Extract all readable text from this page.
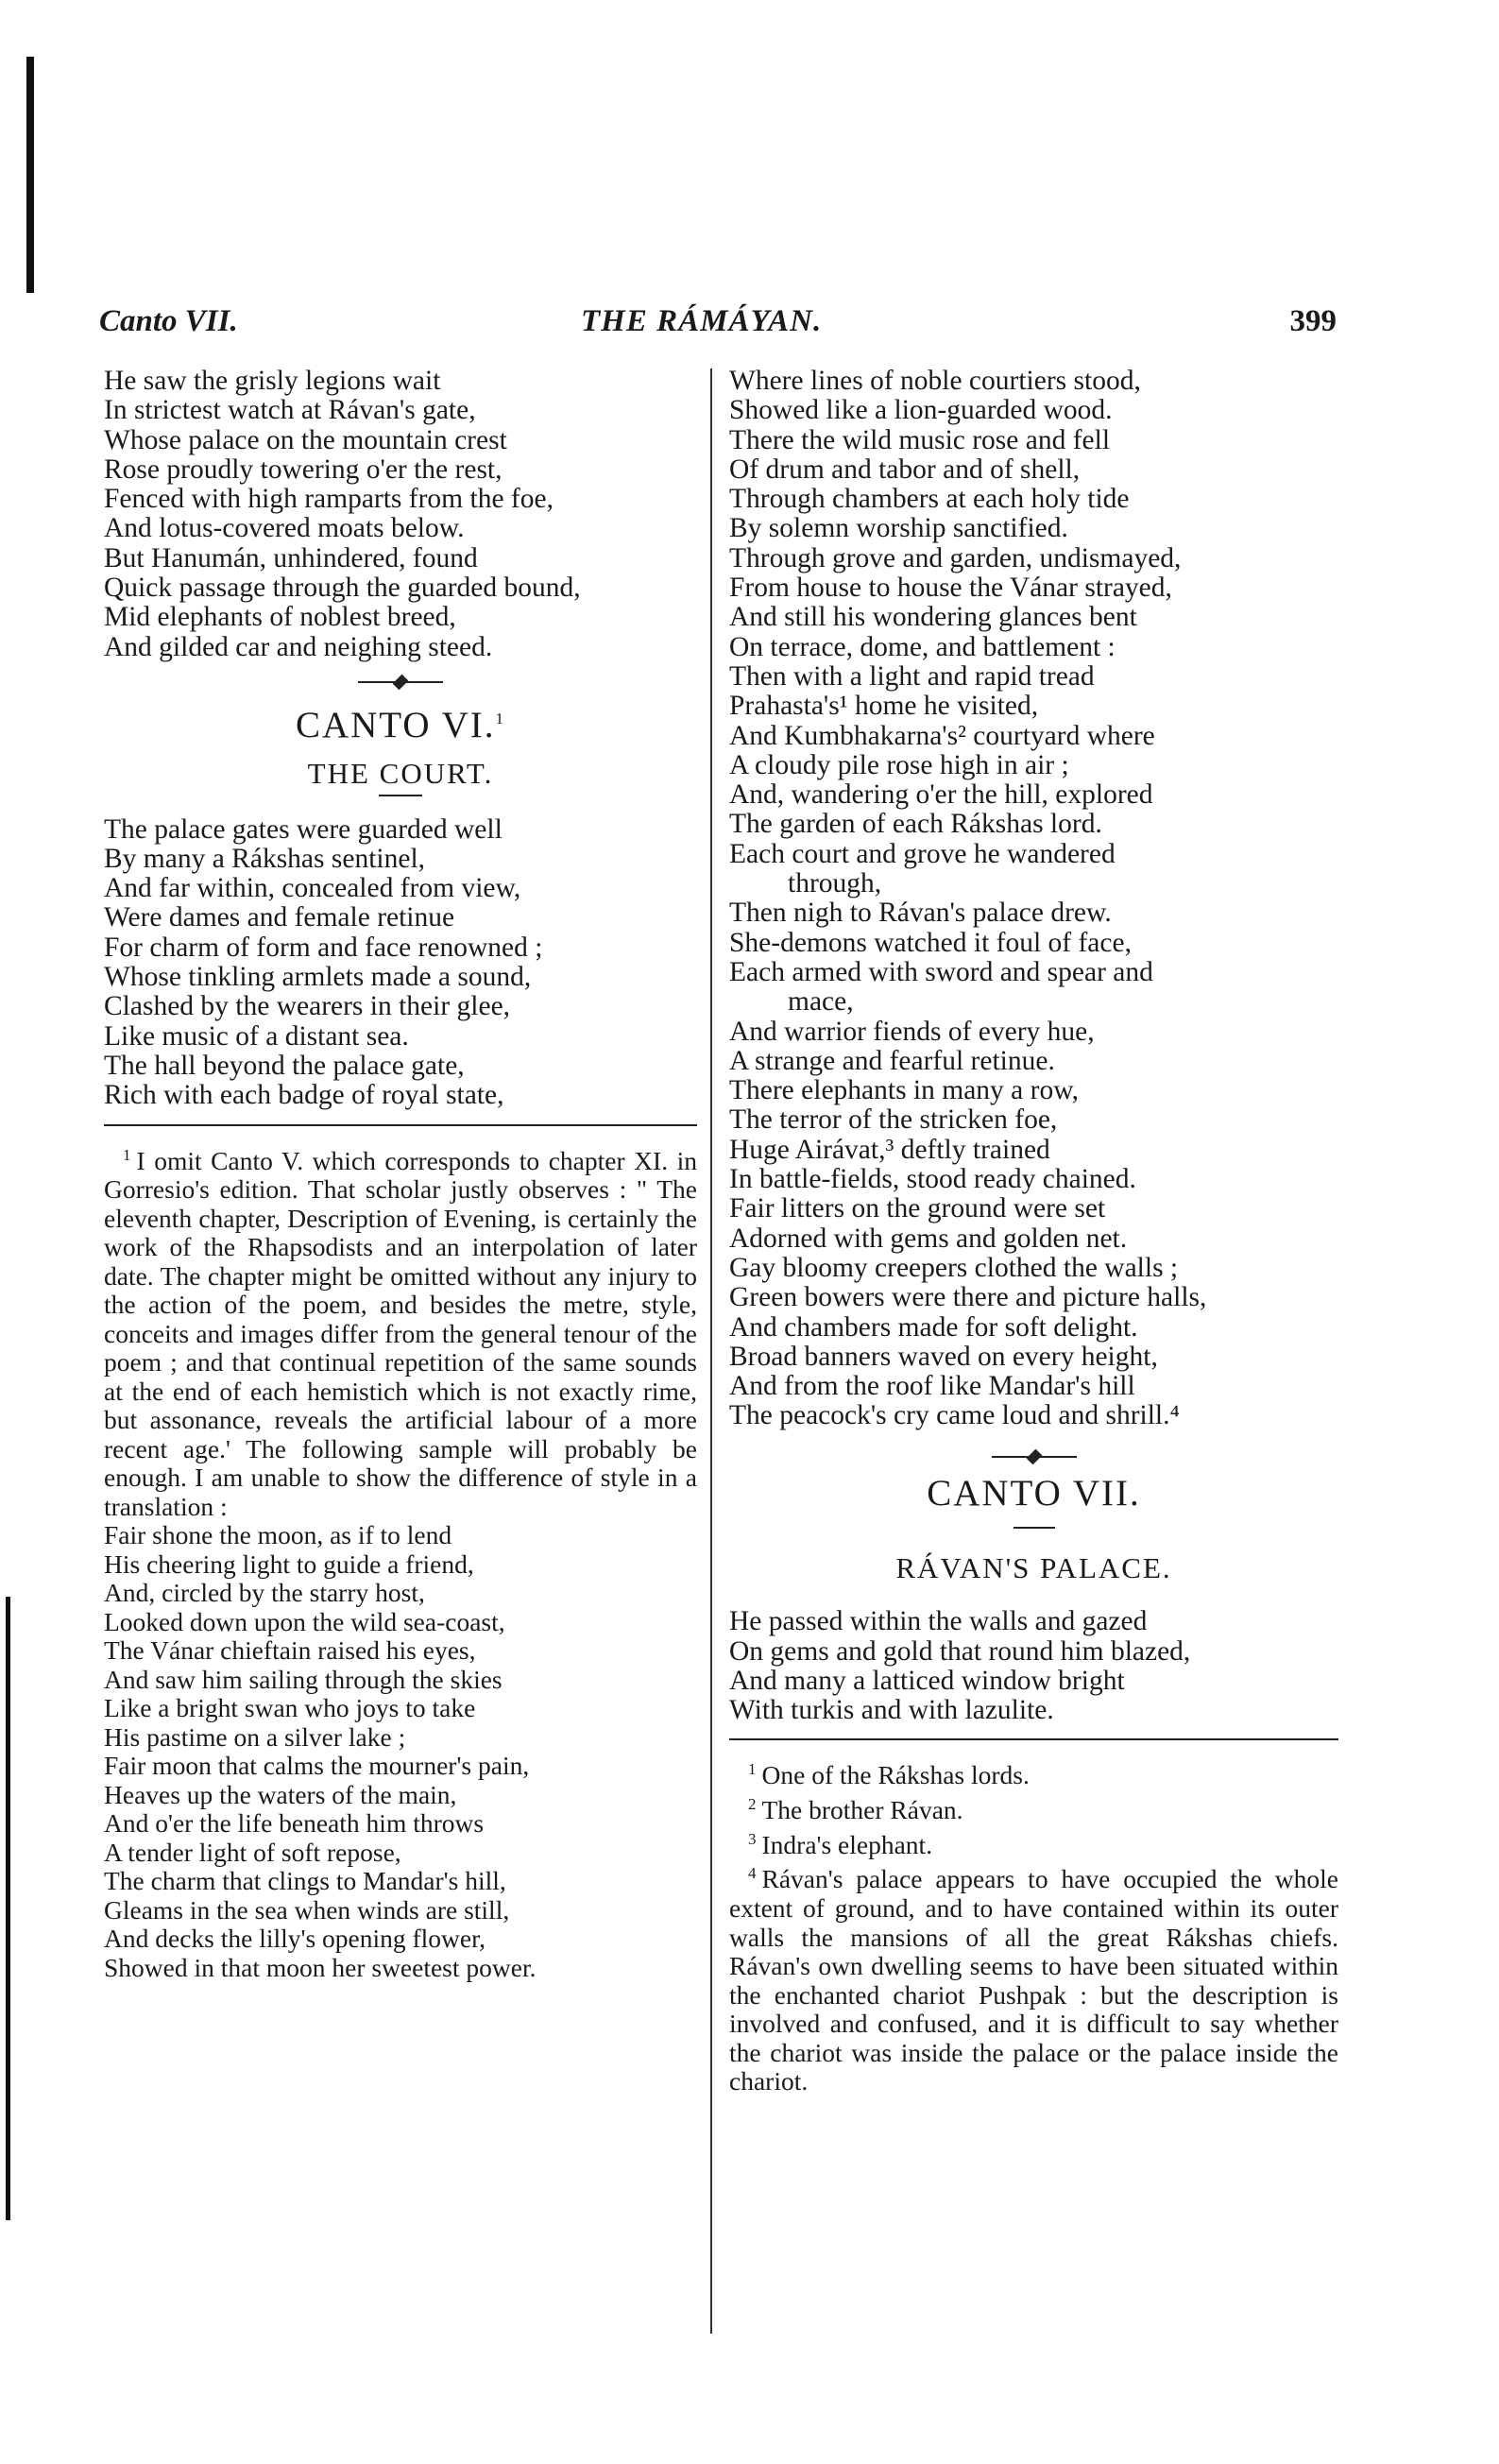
Canto VII.	THE RÁMÁYAN.	399
He saw the grisly legions wait
In strictest watch at Rávan's gate,
Whose palace on the mountain crest
Rose proudly towering o'er the rest,
Fenced with high ramparts from the foe,
And lotus-covered moats below.
But Hanumán, unhindered, found
Quick passage through the guarded bound,
Mid elephants of noblest breed,
And gilded car and neighing steed.
CANTO VI.$^1$
THE COURT.
The palace gates were guarded well
By many a Rákshas sentinel,
And far within, concealed from view,
Were dames and female retinue
For charm of form and face renowned ;
Whose tinkling armlets made a sound,
Clashed by the wearers in their glee,
Like music of a distant sea.
The hall beyond the palace gate,
Rich with each badge of royal state,

$^1$ I omit Canto V. which corresponds to chapter XI. in Gorresio's edition. That scholar justly observes : " The eleventh chapter, Description of Evening, is certainly the work of the Rhapsodists and an interpolation of later date. The chapter might be omitted without any injury to the action of the poem, and besides the metre, style, conceits and images differ from the general tenour of the poem ; and that continual repetition of the same sounds at the end of each hemistich which is not exactly rime, but assonance, reveals the artificial labour of a more recent age.' The following sample will probably be enough. I am unable to show the difference of style in a translation :

Fair shone the moon, as if to lend
His cheering light to guide a friend,
And, circled by the starry host,
Looked down upon the wild sea-coast,
The Vánar chieftain raised his eyes,
And saw him sailing through the skies
Like a bright swan who joys to take
His pastime on a silver lake ;
Fair moon that calms the mourner's pain,
Heaves up the waters of the main,
And o'er the life beneath him throws
A tender light of soft repose,
The charm that clings to Mandar's hill,
Gleams in the sea when winds are still,
And decks the lilly's opening flower,
Showed in that moon her sweetest power.
Where lines of noble courtiers stood,
Showed like a lion-guarded wood.
There the wild music rose and fell
Of drum and tabor and of shell,
Through chambers at each holy tide
By solemn worship sanctified.
Through grove and garden, undismayed,
From house to house the Vánar strayed,
And still his wondering glances bent
On terrace, dome, and battlement :
Then with a light and rapid tread
Prahasta's¹ home he visited,
And Kumbhakarna's² courtyard where
A cloudy pile rose high in air ;
And, wandering o'er the hill, explored
The garden of each Rákshas lord.
Each court and grove he wandered
through,
Then nigh to Rávan's palace drew.
She-demons watched it foul of face,
Each armed with sword and spear and
mace,
And warrior fiends of every hue,
A strange and fearful retinue.
There elephants in many a row,
The terror of the stricken foe,
Huge Airávat,³ deftly trained
In battle-fields, stood ready chained.
Fair litters on the ground were set
Adorned with gems and golden net.
Gay bloomy creepers clothed the walls ;
Green bowers were there and picture halls,
And chambers made for soft delight.
Broad banners waved on every height,
And from the roof like Mandar's hill
The peacock's cry came loud and shrill.⁴
CANTO VII.
RÁVAN'S PALACE.
He passed within the walls and gazed
On gems and gold that round him blazed,
And many a latticed window bright
With turkis and with lazulite.
$^1$ One of the Rákshas lords.
$^2$ The brother Rávan.
$^3$ Indra's elephant.

$^4$ Rávan's palace appears to have occupied the whole extent of ground, and to have contained within its outer walls the mansions of all the great Rákshas chiefs. Rávan's own dwelling seems to have been situated within the enchanted chariot Pushpak : but the description is involved and confused, and it is difficult to say whether the chariot was inside the palace or the palace inside the chariot.
